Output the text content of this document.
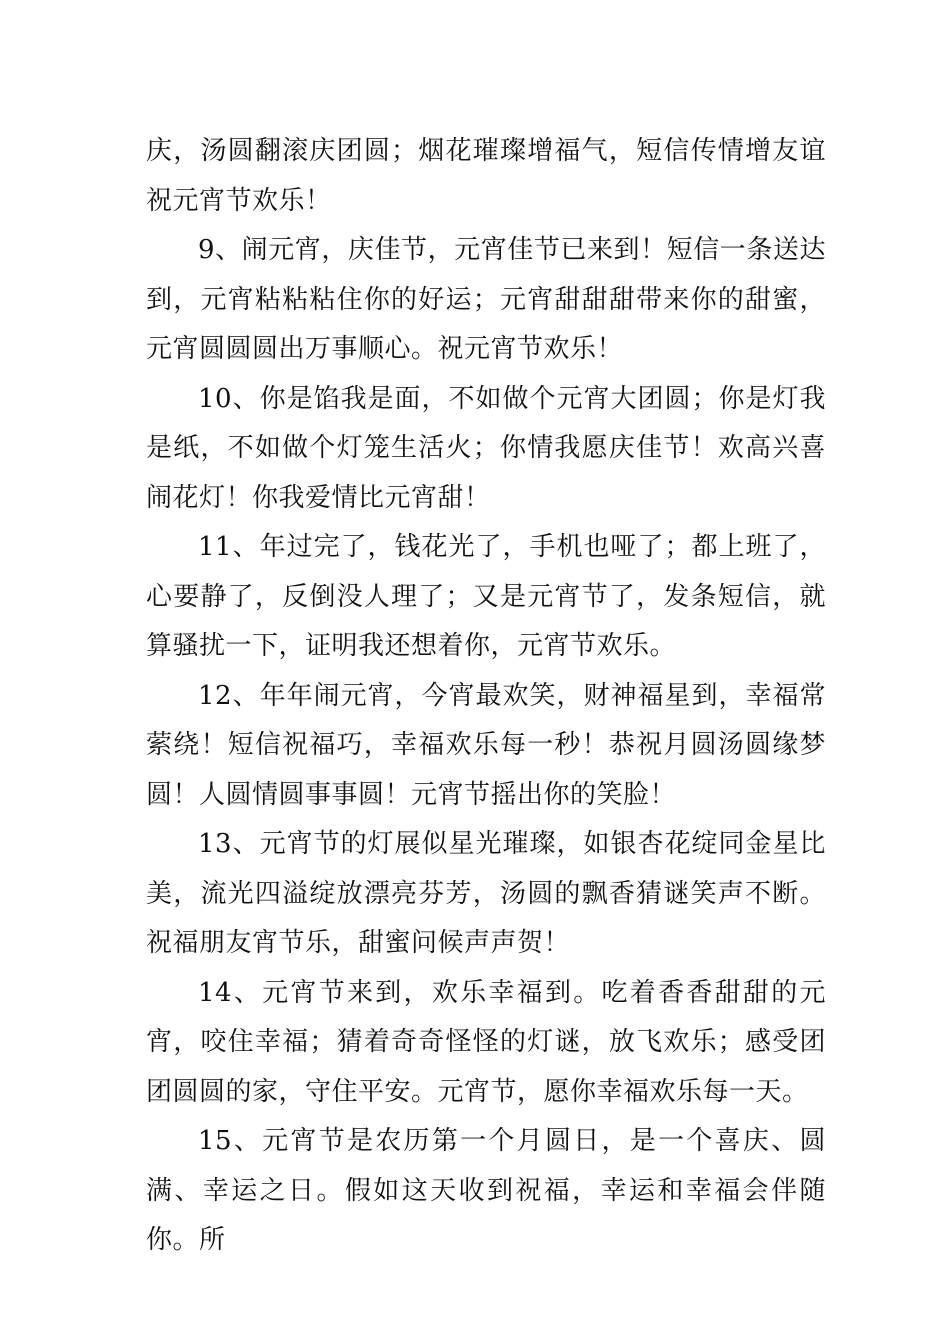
庆，汤圆翻滚庆团圆；烟花璀璨增福气，短信传情增友谊祝元宵节欢乐！

9、闹元宵，庆佳节，元宵佳节已来到！短信一条送达到，元宵粘粘粘住你的好运；元宵甜甜甜带来你的甜蜜，元宵圆圆圆出万事顺心。祝元宵节欢乐！

10、你是馅我是面，不如做个元宵大团圆；你是灯我是纸，不如做个灯笼生活火；你情我愿庆佳节！欢高兴喜闹花灯！你我爱情比元宵甜！

11、年过完了，钱花光了，手机也哑了；都上班了，心要静了，反倒没人理了；又是元宵节了，发条短信，就算骚扰一下，证明我还想着你，元宵节欢乐。

12、年年闹元宵，今宵最欢笑，财神福星到，幸福常萦绕！短信祝福巧，幸福欢乐每一秒！恭祝月圆汤圆缘梦圆！人圆情圆事事圆！元宵节摇出你的笑脸！

13、元宵节的灯展似星光璀璨，如银杏花绽同金星比美，流光四溢绽放漂亮芬芳，汤圆的飘香猜谜笑声不断。祝福朋友宵节乐，甜蜜问候声声贺！

14、元宵节来到，欢乐幸福到。吃着香香甜甜的元宵，咬住幸福；猜着奇奇怪怪的灯谜，放飞欢乐；感受团团圆圆的家，守住平安。元宵节，愿你幸福欢乐每一天。

15、元宵节是农历第一个月圆日，是一个喜庆、圆满、幸运之日。假如这天收到祝福，幸运和幸福会伴随你。所
